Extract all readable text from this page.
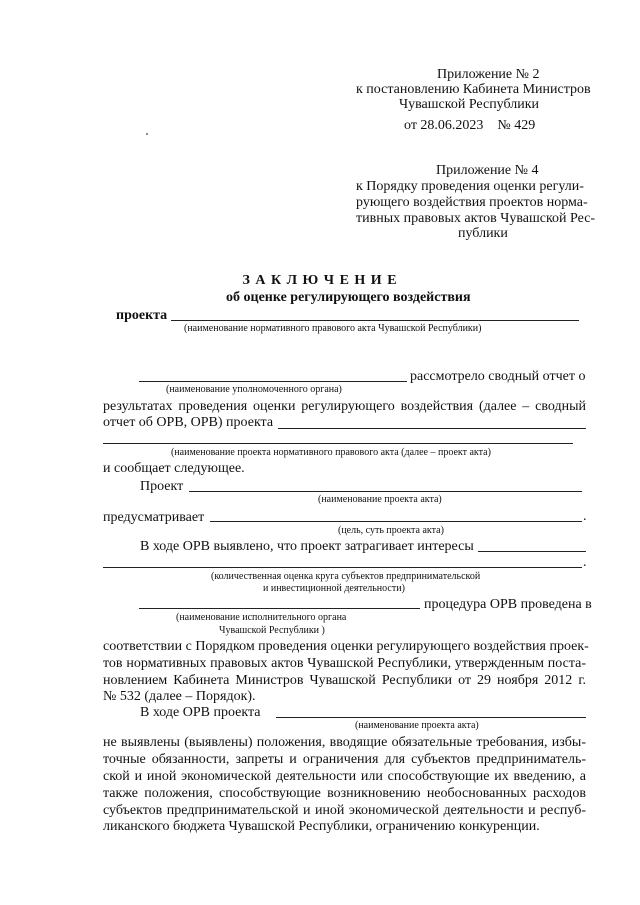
Приложение № 2
к постановлению Кабинета Министров
Чувашской Республики
от 28.06.2023    № 429
Приложение № 4
к Порядку проведения оценки регули-
рующего воздействия проектов норма-
тивных правовых актов Чувашской Рес-
публики
З А К Л Ю Ч Е Н И Е
об оценке регулирующего воздействия
проекта
(наименование нормативного правового акта Чувашской Республики)
рассмотрело сводный отчет о
(наименование уполномоченного органа)
результатах проведения оценки регулирующего воздействия (далее – сводный
отчет об ОРВ, ОРВ) проекта
(наименование проекта нормативного правового акта (далее – проект акта)
и сообщает следующее.
Проект
(наименование проекта акта)
предусматривает	.
(цель, суть проекта акта)
В ходе ОРВ выявлено, что проект затрагивает интересы
.
(количественная оценка круга субъектов предпринимательской
и инвестиционной деятельности)
процедура ОРВ проведена в
(наименование исполнительного органа
Чувашской Республики )
соответствии с Порядком проведения оценки регулирующего воздействия проек-
тов нормативных правовых актов Чувашской Республики, утвержденным поста-
новлением Кабинета Министров Чувашской Республики от 29 ноября 2012 г.
№ 532 (далее – Порядок).
В ходе ОРВ проекта
(наименование проекта акта)
не выявлены (выявлены) положения, вводящие обязательные требования, избы-
точные обязанности, запреты и ограничения для субъектов предприниматель-
ской и иной экономической деятельности или способствующие их введению, а
также положения, способствующие возникновению необоснованных расходов
субъектов предпринимательской и иной экономической деятельности и респуб-
ликанского бюджета Чувашской Республики, ограничению конкуренции.
